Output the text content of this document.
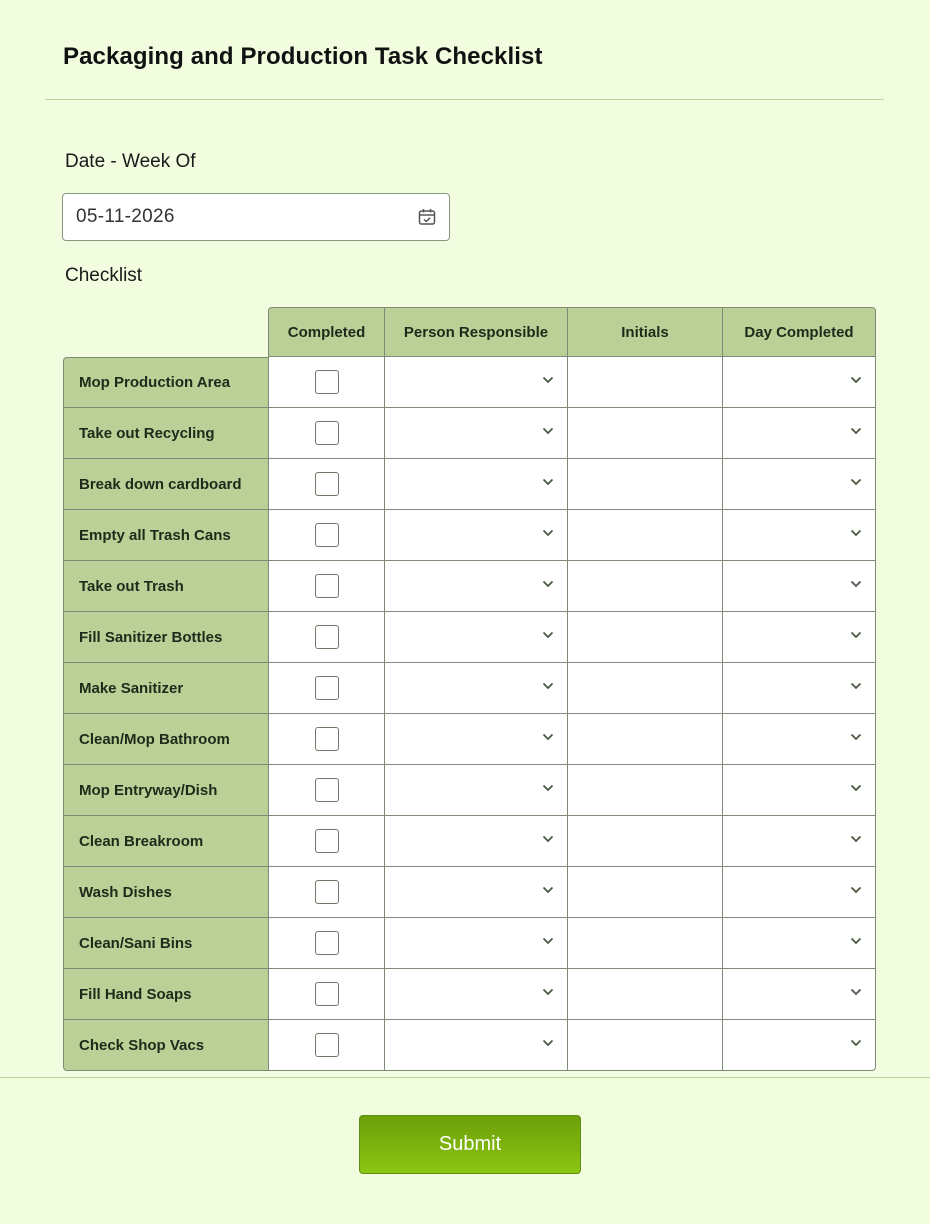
Packaging and Production Task Checklist
Date - Week Of
05-11-2026
Checklist
	Completed	Person Responsible	Initials	Day Completed
Mop Production Area	

Take out Recycling	

Break down cardboard	

Empty all Trash Cans	

Take out Trash	

Fill Sanitizer Bottles	

Make Sanitizer	

Clean/Mop Bathroom	

Mop Entryway/Dish	

Clean Breakroom	

Wash Dishes	

Clean/Sani Bins	

Fill Hand Soaps	

Check Shop Vacs	

Submit
